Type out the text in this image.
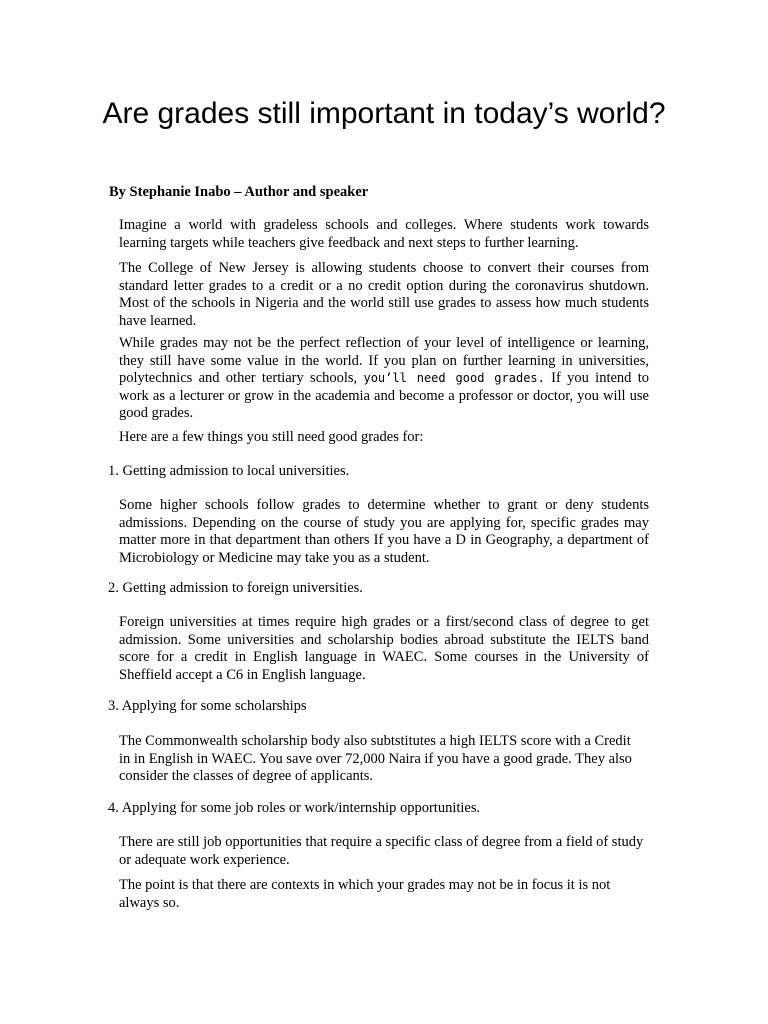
Are grades still important in today’s world?

By Stephanie Inabo – Author and speaker

Imagine a world with gradeless schools and colleges. Where students work towards learning targets while teachers give feedback and next steps to further learning.

The College of New Jersey is allowing students choose to convert their courses from standard letter grades to a credit or a no credit option during the coronavirus shutdown. Most of the schools in Nigeria and the world still use grades to assess how much students have learned.

While grades may not be the perfect reflection of your level of intelligence or learning, they still have some value in the world. If you plan on further learning in universities, polytechnics and other tertiary schools, you’ll need good grades. If you intend to work as a lecturer or grow in the academia and become a professor or doctor, you will use good grades.

Here are a few things you still need good grades for:

1. Getting admission to local universities.

Some higher schools follow grades to determine whether to grant or deny students admissions. Depending on the course of study you are applying for, specific grades may matter more in that department than others If you have a D in Geography, a department of Microbiology or Medicine may take you as a student.

2. Getting admission to foreign universities.

Foreign universities at times require high grades or a first/second class of degree to get admission. Some universities and scholarship bodies abroad substitute the IELTS band score for a credit in English language in WAEC. Some courses in the University of Sheffield accept a C6 in English language.

3. Applying for some scholarships

The Commonwealth scholarship body also subtstitutes a high IELTS score with a Credit in in English in WAEC. You save over 72,000 Naira if you have a good grade. They also consider the classes of degree of applicants.

4. Applying for some job roles or work/internship opportunities.

There are still job opportunities that require a specific class of degree from a field of study or adequate work experience.

The point is that there are contexts in which your grades may not be in focus it is not always so.
